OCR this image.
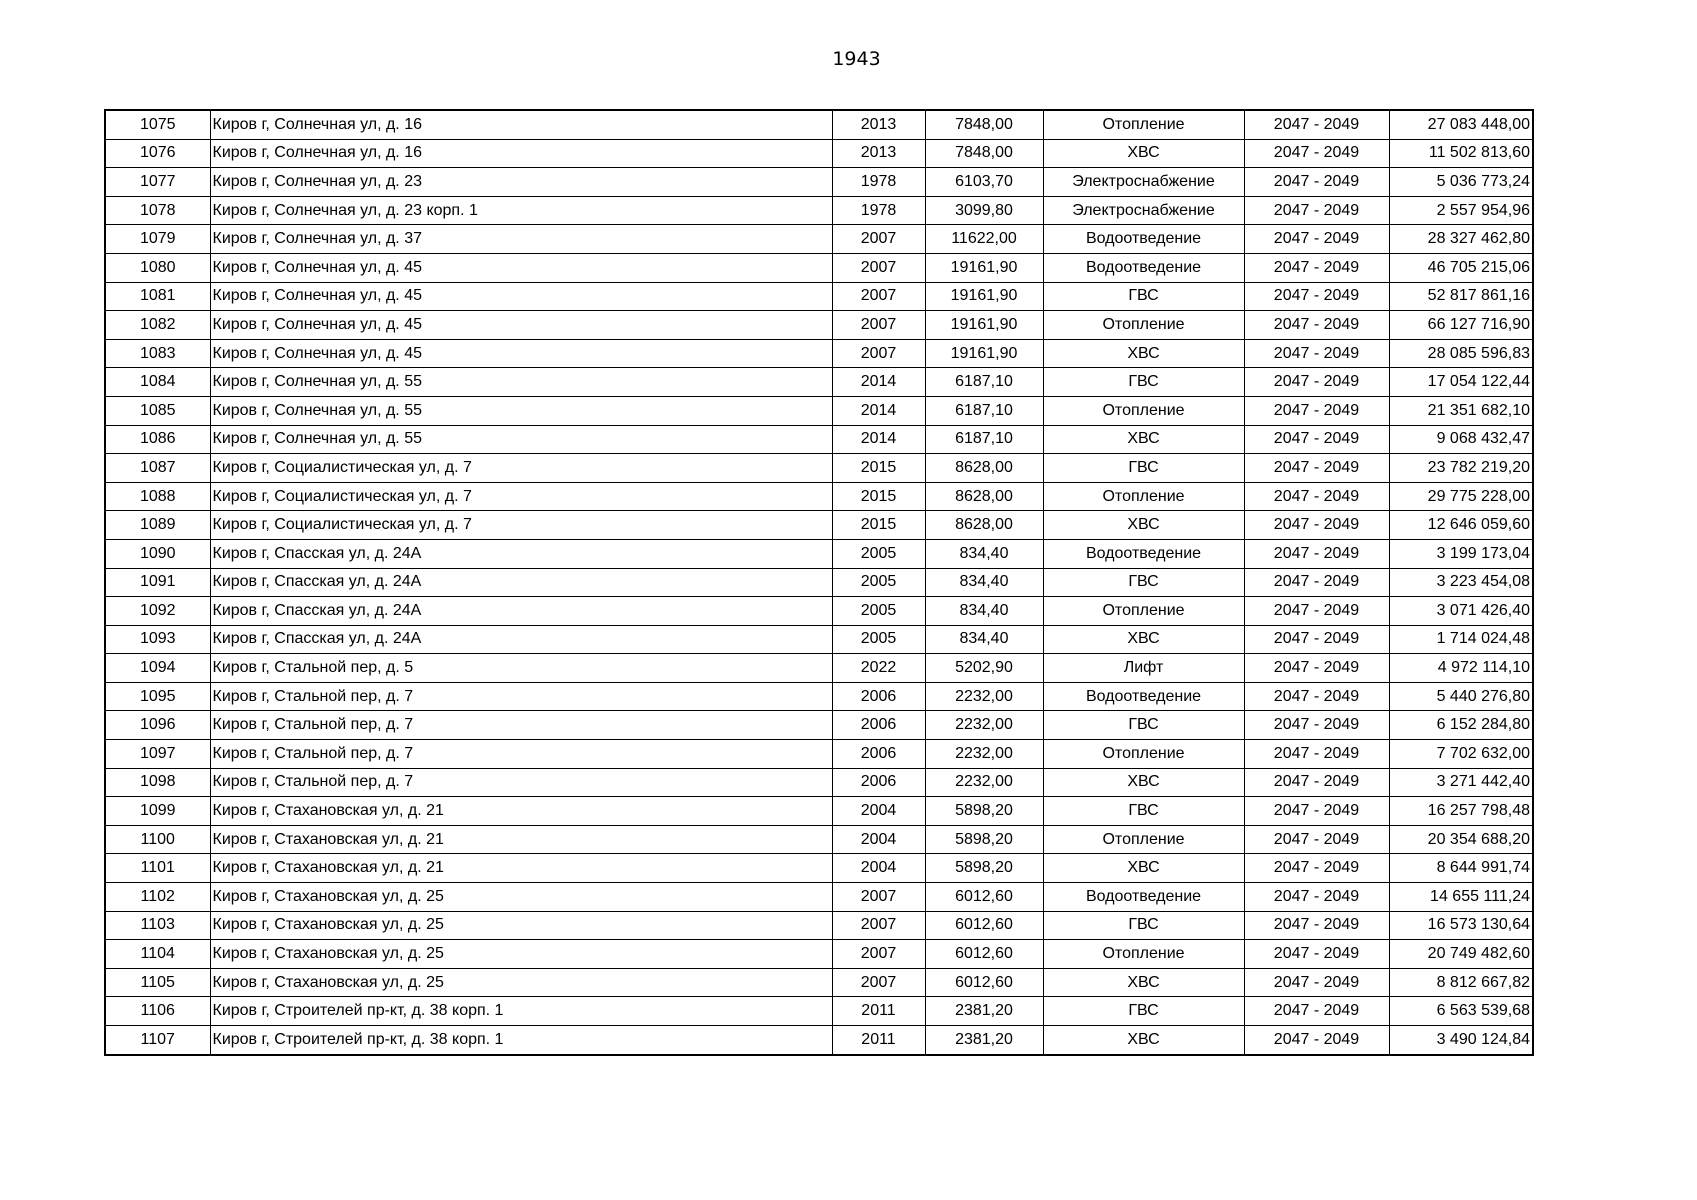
1943
1075	Киров г, Солнечная ул, д. 16	2013	7848,00	Отопление	2047 - 2049	27 083 448,00
1076	Киров г, Солнечная ул, д. 16	2013	7848,00	ХВС	2047 - 2049	11 502 813,60
1077	Киров г, Солнечная ул, д. 23	1978	6103,70	Электроснабжение	2047 - 2049	5 036 773,24
1078	Киров г, Солнечная ул, д. 23 корп. 1	1978	3099,80	Электроснабжение	2047 - 2049	2 557 954,96
1079	Киров г, Солнечная ул, д. 37	2007	11622,00	Водоотведение	2047 - 2049	28 327 462,80
1080	Киров г, Солнечная ул, д. 45	2007	19161,90	Водоотведение	2047 - 2049	46 705 215,06
1081	Киров г, Солнечная ул, д. 45	2007	19161,90	ГВС	2047 - 2049	52 817 861,16
1082	Киров г, Солнечная ул, д. 45	2007	19161,90	Отопление	2047 - 2049	66 127 716,90
1083	Киров г, Солнечная ул, д. 45	2007	19161,90	ХВС	2047 - 2049	28 085 596,83
1084	Киров г, Солнечная ул, д. 55	2014	6187,10	ГВС	2047 - 2049	17 054 122,44
1085	Киров г, Солнечная ул, д. 55	2014	6187,10	Отопление	2047 - 2049	21 351 682,10
1086	Киров г, Солнечная ул, д. 55	2014	6187,10	ХВС	2047 - 2049	9 068 432,47
1087	Киров г, Социалистическая ул, д. 7	2015	8628,00	ГВС	2047 - 2049	23 782 219,20
1088	Киров г, Социалистическая ул, д. 7	2015	8628,00	Отопление	2047 - 2049	29 775 228,00
1089	Киров г, Социалистическая ул, д. 7	2015	8628,00	ХВС	2047 - 2049	12 646 059,60
1090	Киров г, Спасская ул, д. 24А	2005	834,40	Водоотведение	2047 - 2049	3 199 173,04
1091	Киров г, Спасская ул, д. 24А	2005	834,40	ГВС	2047 - 2049	3 223 454,08
1092	Киров г, Спасская ул, д. 24А	2005	834,40	Отопление	2047 - 2049	3 071 426,40
1093	Киров г, Спасская ул, д. 24А	2005	834,40	ХВС	2047 - 2049	1 714 024,48
1094	Киров г, Стальной пер, д. 5	2022	5202,90	Лифт	2047 - 2049	4 972 114,10
1095	Киров г, Стальной пер, д. 7	2006	2232,00	Водоотведение	2047 - 2049	5 440 276,80
1096	Киров г, Стальной пер, д. 7	2006	2232,00	ГВС	2047 - 2049	6 152 284,80
1097	Киров г, Стальной пер, д. 7	2006	2232,00	Отопление	2047 - 2049	7 702 632,00
1098	Киров г, Стальной пер, д. 7	2006	2232,00	ХВС	2047 - 2049	3 271 442,40
1099	Киров г, Стахановская ул, д. 21	2004	5898,20	ГВС	2047 - 2049	16 257 798,48
1100	Киров г, Стахановская ул, д. 21	2004	5898,20	Отопление	2047 - 2049	20 354 688,20
1101	Киров г, Стахановская ул, д. 21	2004	5898,20	ХВС	2047 - 2049	8 644 991,74
1102	Киров г, Стахановская ул, д. 25	2007	6012,60	Водоотведение	2047 - 2049	14 655 111,24
1103	Киров г, Стахановская ул, д. 25	2007	6012,60	ГВС	2047 - 2049	16 573 130,64
1104	Киров г, Стахановская ул, д. 25	2007	6012,60	Отопление	2047 - 2049	20 749 482,60
1105	Киров г, Стахановская ул, д. 25	2007	6012,60	ХВС	2047 - 2049	8 812 667,82
1106	Киров г, Строителей пр-кт, д. 38 корп. 1	2011	2381,20	ГВС	2047 - 2049	6 563 539,68
1107	Киров г, Строителей пр-кт, д. 38 корп. 1	2011	2381,20	ХВС	2047 - 2049	3 490 124,84
